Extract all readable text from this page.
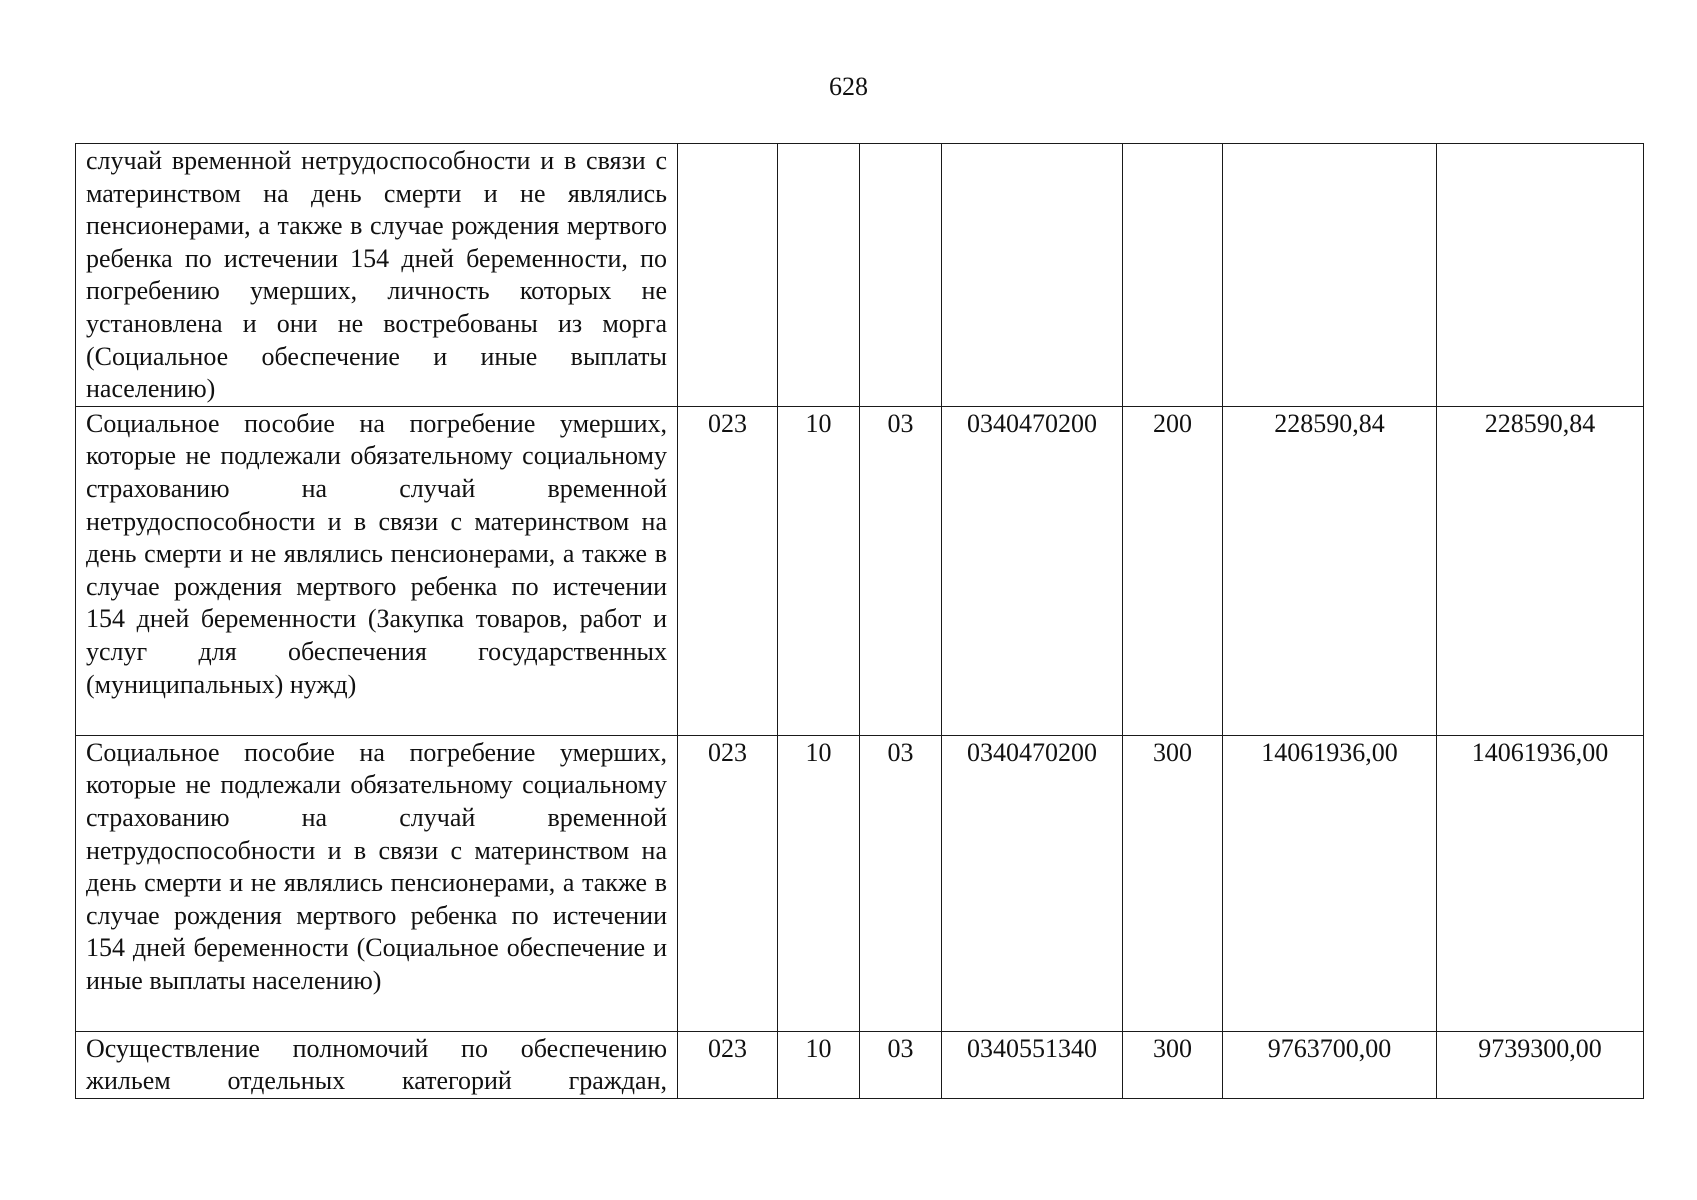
628
случай временной нетрудоспособности и в связи с материнством на день смерти и не являлись пенсионерами, а также в случае рождения мертвого ребенка по истечении 154 дней беременности, по погребению умерших, личность которых не установлена и они не востребованы из морга (Социальное обеспечение и иные выплаты населению)							
Социальное пособие на погребение умерших, которые не подлежали обязательному социальному страхованию на случай временной нетрудоспособности и в связи с материнством на день смерти и не являлись пенсионерами, а также в случае рождения мертвого ребенка по истечении 154 дней беременности (Закупка товаров, работ и услуг для обеспечения государственных (муниципальных) нужд)	023	10	03	0340470200	200	228590,84	228590,84
Социальное пособие на погребение умерших, которые не подлежали обязательному социальному страхованию на случай временной нетрудоспособности и в связи с материнством на день смерти и не являлись пенсионерами, а также в случае рождения мертвого ребенка по истечении 154 дней беременности (Социальное обеспечение и иные выплаты населению)	023	10	03	0340470200	300	14061936,00	14061936,00
Осуществление полномочий по обеспечению жильем отдельных категорий граждан,	023	10	03	0340551340	300	9763700,00	9739300,00
